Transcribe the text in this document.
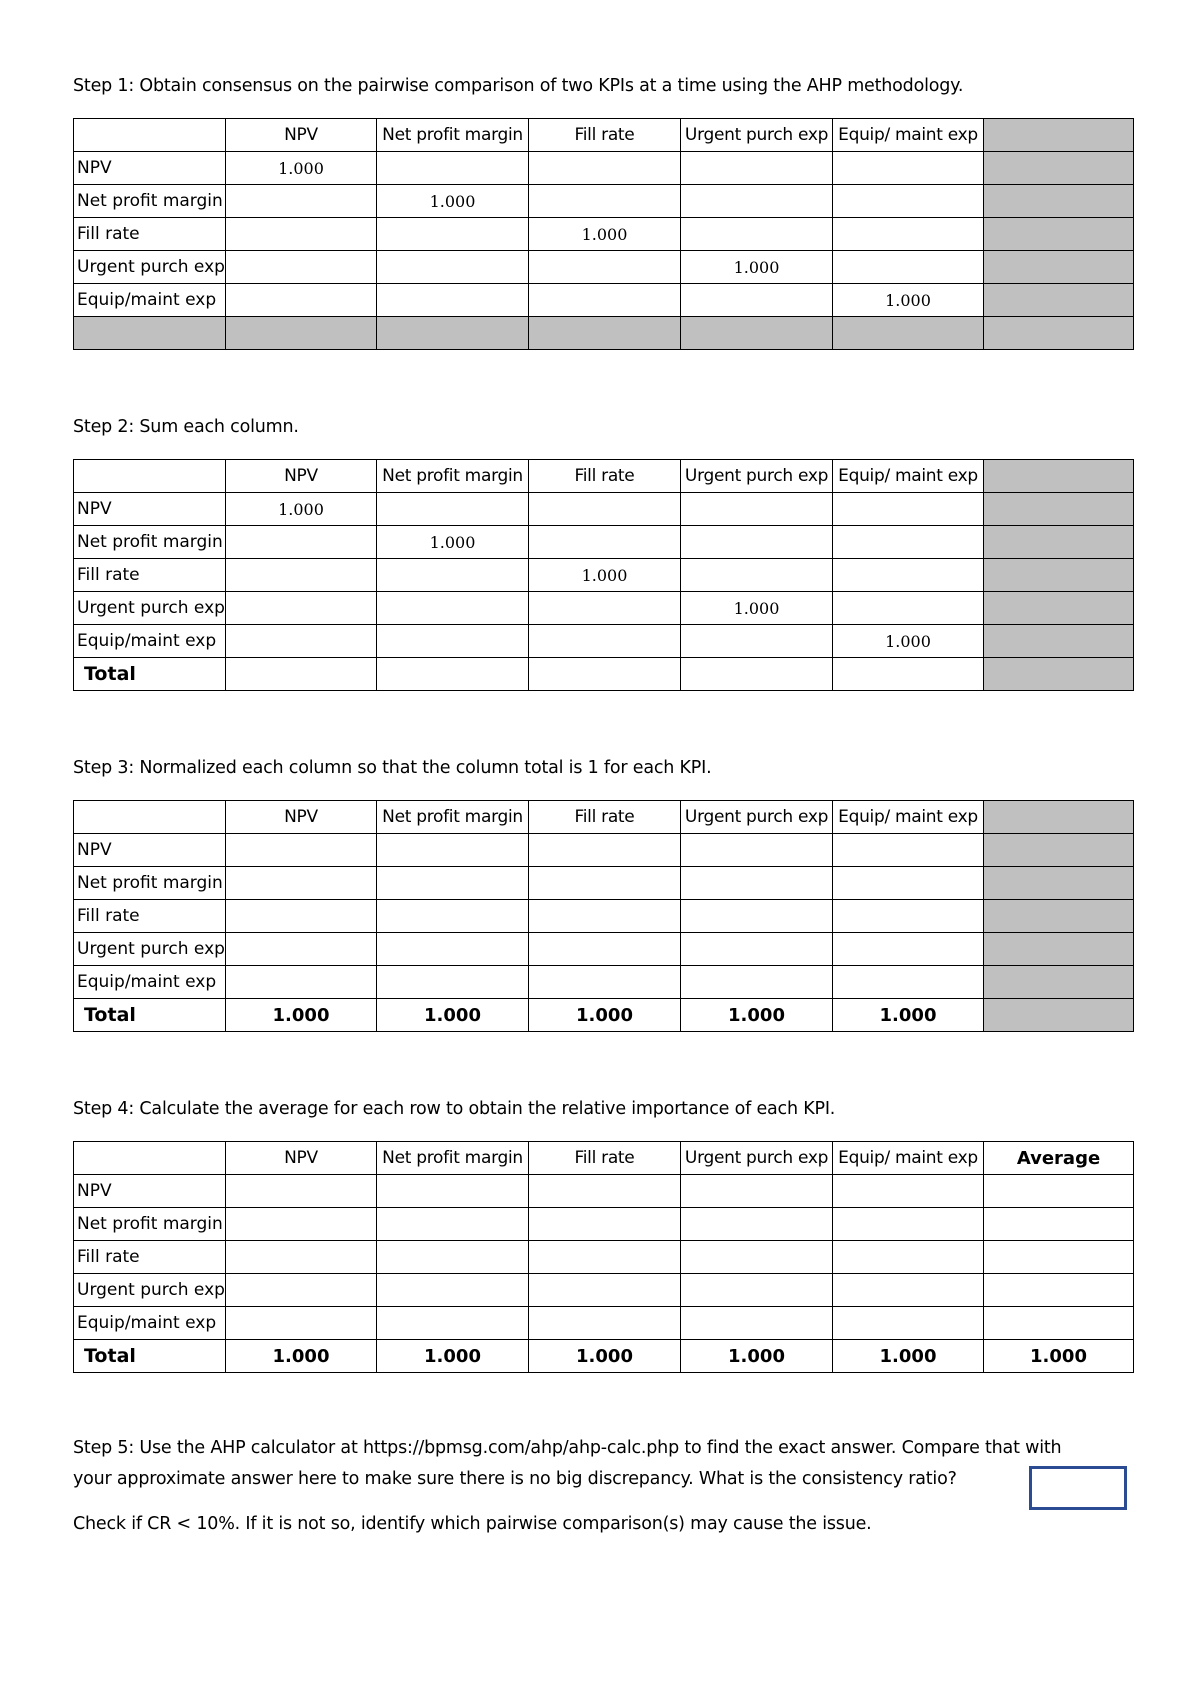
Step 1: Obtain consensus on the pairwise comparison of two KPIs at a time using the AHP methodology.

	NPV	Net profit margin	Fill rate	Urgent purch exp	Equip/ maint exp	
NPV	1.000					
Net profit margin		1.000				
Fill rate			1.000			
Urgent purch exp				1.000		
Equip/maint exp					1.000	

Step 2: Sum each column.

	NPV	Net profit margin	Fill rate	Urgent purch exp	Equip/ maint exp	
NPV	1.000					
Net profit margin		1.000				
Fill rate			1.000			
Urgent purch exp				1.000		
Equip/maint exp					1.000	
Total						

Step 3: Normalized each column so that the column total is 1 for each KPI.

	NPV	Net profit margin	Fill rate	Urgent purch exp	Equip/ maint exp	
NPV						
Net profit margin						
Fill rate						
Urgent purch exp						
Equip/maint exp						
Total	1.000	1.000	1.000	1.000	1.000	

Step 4: Calculate the average for each row to obtain the relative importance of each KPI.

	NPV	Net profit margin	Fill rate	Urgent purch exp	Equip/ maint exp	Average
NPV						
Net profit margin						
Fill rate						
Urgent purch exp						
Equip/maint exp						
Total	1.000	1.000	1.000	1.000	1.000	1.000

Step 5: Use the AHP calculator at https://bpmsg.com/ahp/ahp-calc.php to find the exact answer. Compare that with

your approximate answer here to make sure there is no big discrepancy. What is the consistency ratio?

Check if CR < 10%. If it is not so, identify which pairwise comparison(s) may cause the issue.
